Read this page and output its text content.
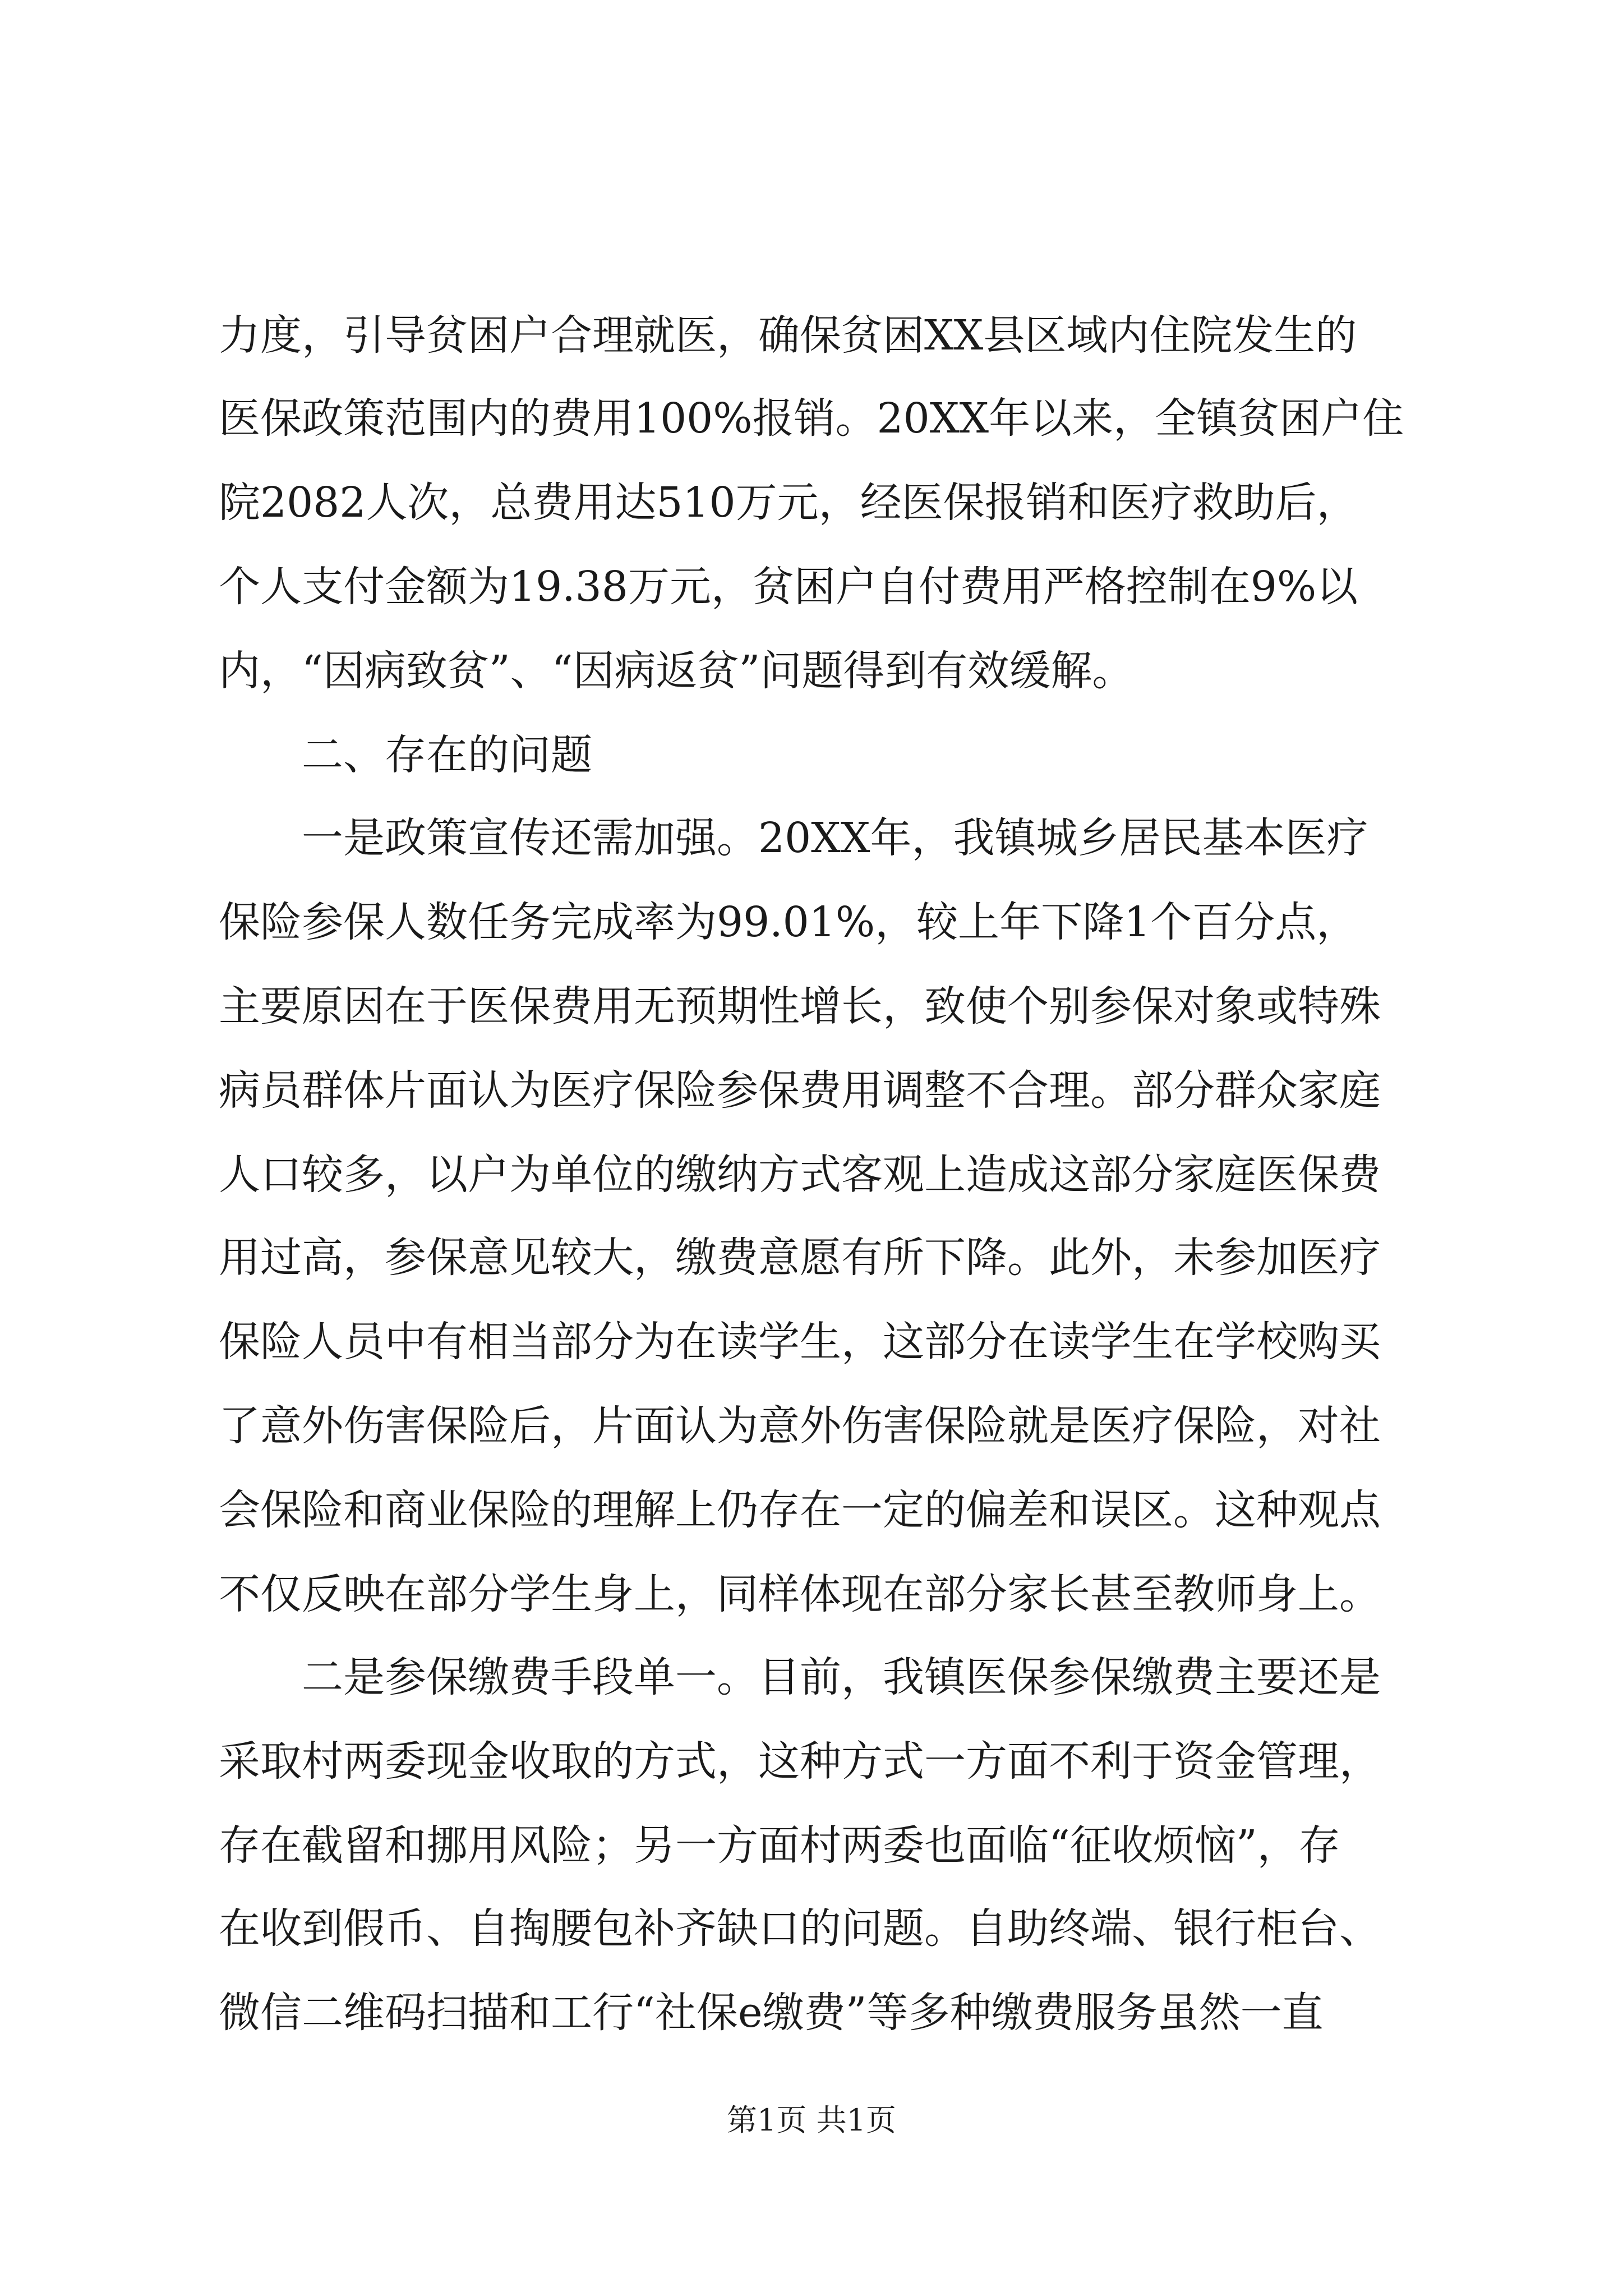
力度，引导贫困户合理就医，确保贫困XX县区域内住院发生的
医保政策范围内的费用100%报销。20XX年以来，全镇贫困户住
院2082人次，总费用达510万元，经医保报销和医疗救助后，
个人支付金额为19.38万元，贫困户自付费用严格控制在9%以
内，“因病致贫”、“因病返贫”问题得到有效缓解。
二、存在的问题
一是政策宣传还需加强。20XX年，我镇城乡居民基本医疗
保险参保人数任务完成率为99.01%，较上年下降1个百分点，
主要原因在于医保费用无预期性增长，致使个别参保对象或特殊
病员群体片面认为医疗保险参保费用调整不合理。部分群众家庭
人口较多，以户为单位的缴纳方式客观上造成这部分家庭医保费
用过高，参保意见较大，缴费意愿有所下降。此外，未参加医疗
保险人员中有相当部分为在读学生，这部分在读学生在学校购买
了意外伤害保险后，片面认为意外伤害保险就是医疗保险，对社
会保险和商业保险的理解上仍存在一定的偏差和误区。这种观点
不仅反映在部分学生身上，同样体现在部分家长甚至教师身上。
二是参保缴费手段单一。目前，我镇医保参保缴费主要还是
采取村两委现金收取的方式，这种方式一方面不利于资金管理，
存在截留和挪用风险；另一方面村两委也面临“征收烦恼”，存
在收到假币、自掏腰包补齐缺口的问题。自助终端、银行柜台、
微信二维码扫描和工行“社保e缴费”等多种缴费服务虽然一直
第1页 共1页
